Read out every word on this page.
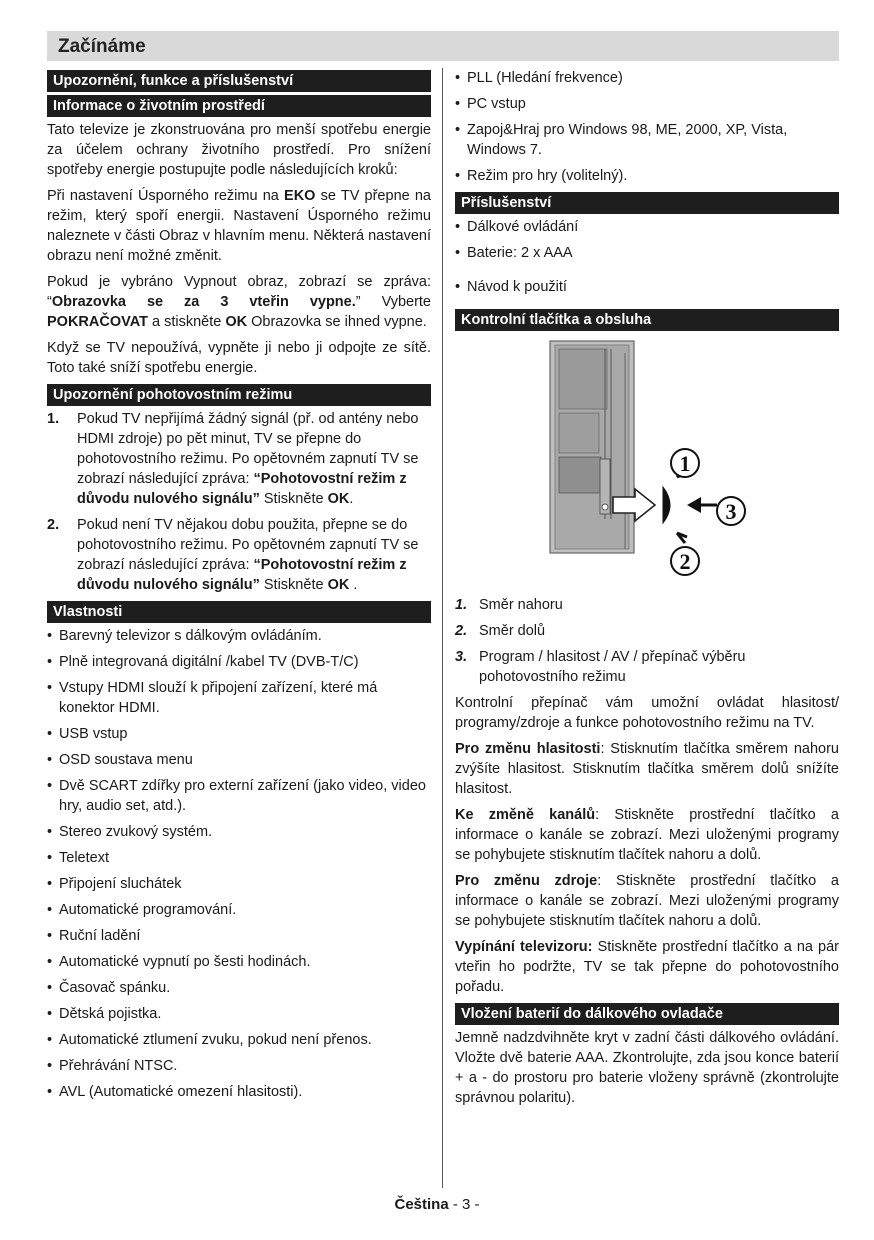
Začínáme
Upozornění, funkce a příslušenství
Informace o životním prostředí

Tato televize je zkonstruována pro menší spotřebu energie za účelem ochrany životního prostředí. Pro snížení spotřeby energie postupujte podle následujících kroků:

Při nastavení Úsporného režimu na EKO se TV přepne na režim, který spoří energii. Nastavení Úsporného režimu naleznete v části Obraz v hlavním menu. Některá nastavení obrazu není možné změnit.

Pokud je vybráno Vypnout obraz, zobrazí se zpráva: “Obrazovka se za 3 vteřin vypne.” Vyberte POKRAČOVAT a stiskněte OK Obrazovka se ihned vypne.

Když se TV nepoužívá, vypněte ji nebo ji odpojte ze sítě. Toto také sníží spotřebu energie.

Upozornění pohotovostním režimu
1. Pokud TV nepřijímá žádný signál (př. od antény nebo HDMI zdroje) po pět minut, TV se přepne do pohotovostního režimu. Po opětovném zapnutí TV se zobrazí následující zpráva: “Pohotovostní režim z důvodu nulového signálu” Stiskněte OK.
2. Pokud není TV nějakou dobu použita, přepne se do pohotovostního režimu. Po opětovném zapnutí TV se zobrazí následující zpráva: “Pohotovostní režim z důvodu nulového signálu” Stiskněte OK .
Vlastnosti
• Barevný televizor s dálkovým ovládáním.
• Plně integrovaná digitální /kabel TV (DVB-T/C)
• Vstupy HDMI slouží k připojení zařízení, které má konektor HDMI.
• USB vstup
• OSD soustava menu
• Dvě SCART zdířky pro externí zařízení (jako video, video hry, audio set, atd.).
• Stereo zvukový systém.
• Teletext
• Připojení sluchátek
• Automatické programování.
• Ruční ladění
• Automatické vypnutí po šesti hodinách.
• Časovač spánku.
• Dětská pojistka.
• Automatické ztlumení zvuku, pokud není přenos.
• Přehrávání NTSC.
• AVL (Automatické omezení hlasitosti).
• PLL (Hledání frekvence)
• PC vstup
• Zapoj&Hraj pro Windows 98, ME, 2000, XP, Vista, Windows 7.
• Režim pro hry (volitelný).
Příslušenství
• Dálkové ovládání
• Baterie: 2 x AAA
• Návod k použití
Kontrolní tlačítka a obsluha
1
2
3
1. Směr nahoru
2. Směr dolů
3. Program / hlasitost / AV / přepínač výběru pohotovostního režimu

Kontrolní přepínač vám umožní ovládat hlasitost/ programy/zdroje a funkce pohotovostního režimu na TV.

Pro změnu hlasitosti: Stisknutím tlačítka směrem nahoru zvýšíte hlasitost. Stisknutím tlačítka směrem dolů snížíte hlasitost.

Ke změně kanálů: Stiskněte prostřední tlačítko a informace o kanále se zobrazí. Mezi uloženými programy se pohybujete stisknutím tlačítek nahoru a dolů.

Pro změnu zdroje: Stiskněte prostřední tlačítko a informace o kanále se zobrazí. Mezi uloženými programy se pohybujete stisknutím tlačítek nahoru a dolů.

Vypínání televizoru: Stiskněte prostřední tlačítko a na pár vteřin ho podržte, TV se tak přepne do pohotovostního pořadu.

Vložení baterií do dálkového ovladače

Jemně nadzdvihněte kryt v zadní části dálkového ovládání. Vložte dvě baterie AAA. Zkontrolujte, zda jsou konce baterií + a - do prostoru pro baterie vloženy správně (zkontrolujte správnou polaritu).

Čeština - 3 -
